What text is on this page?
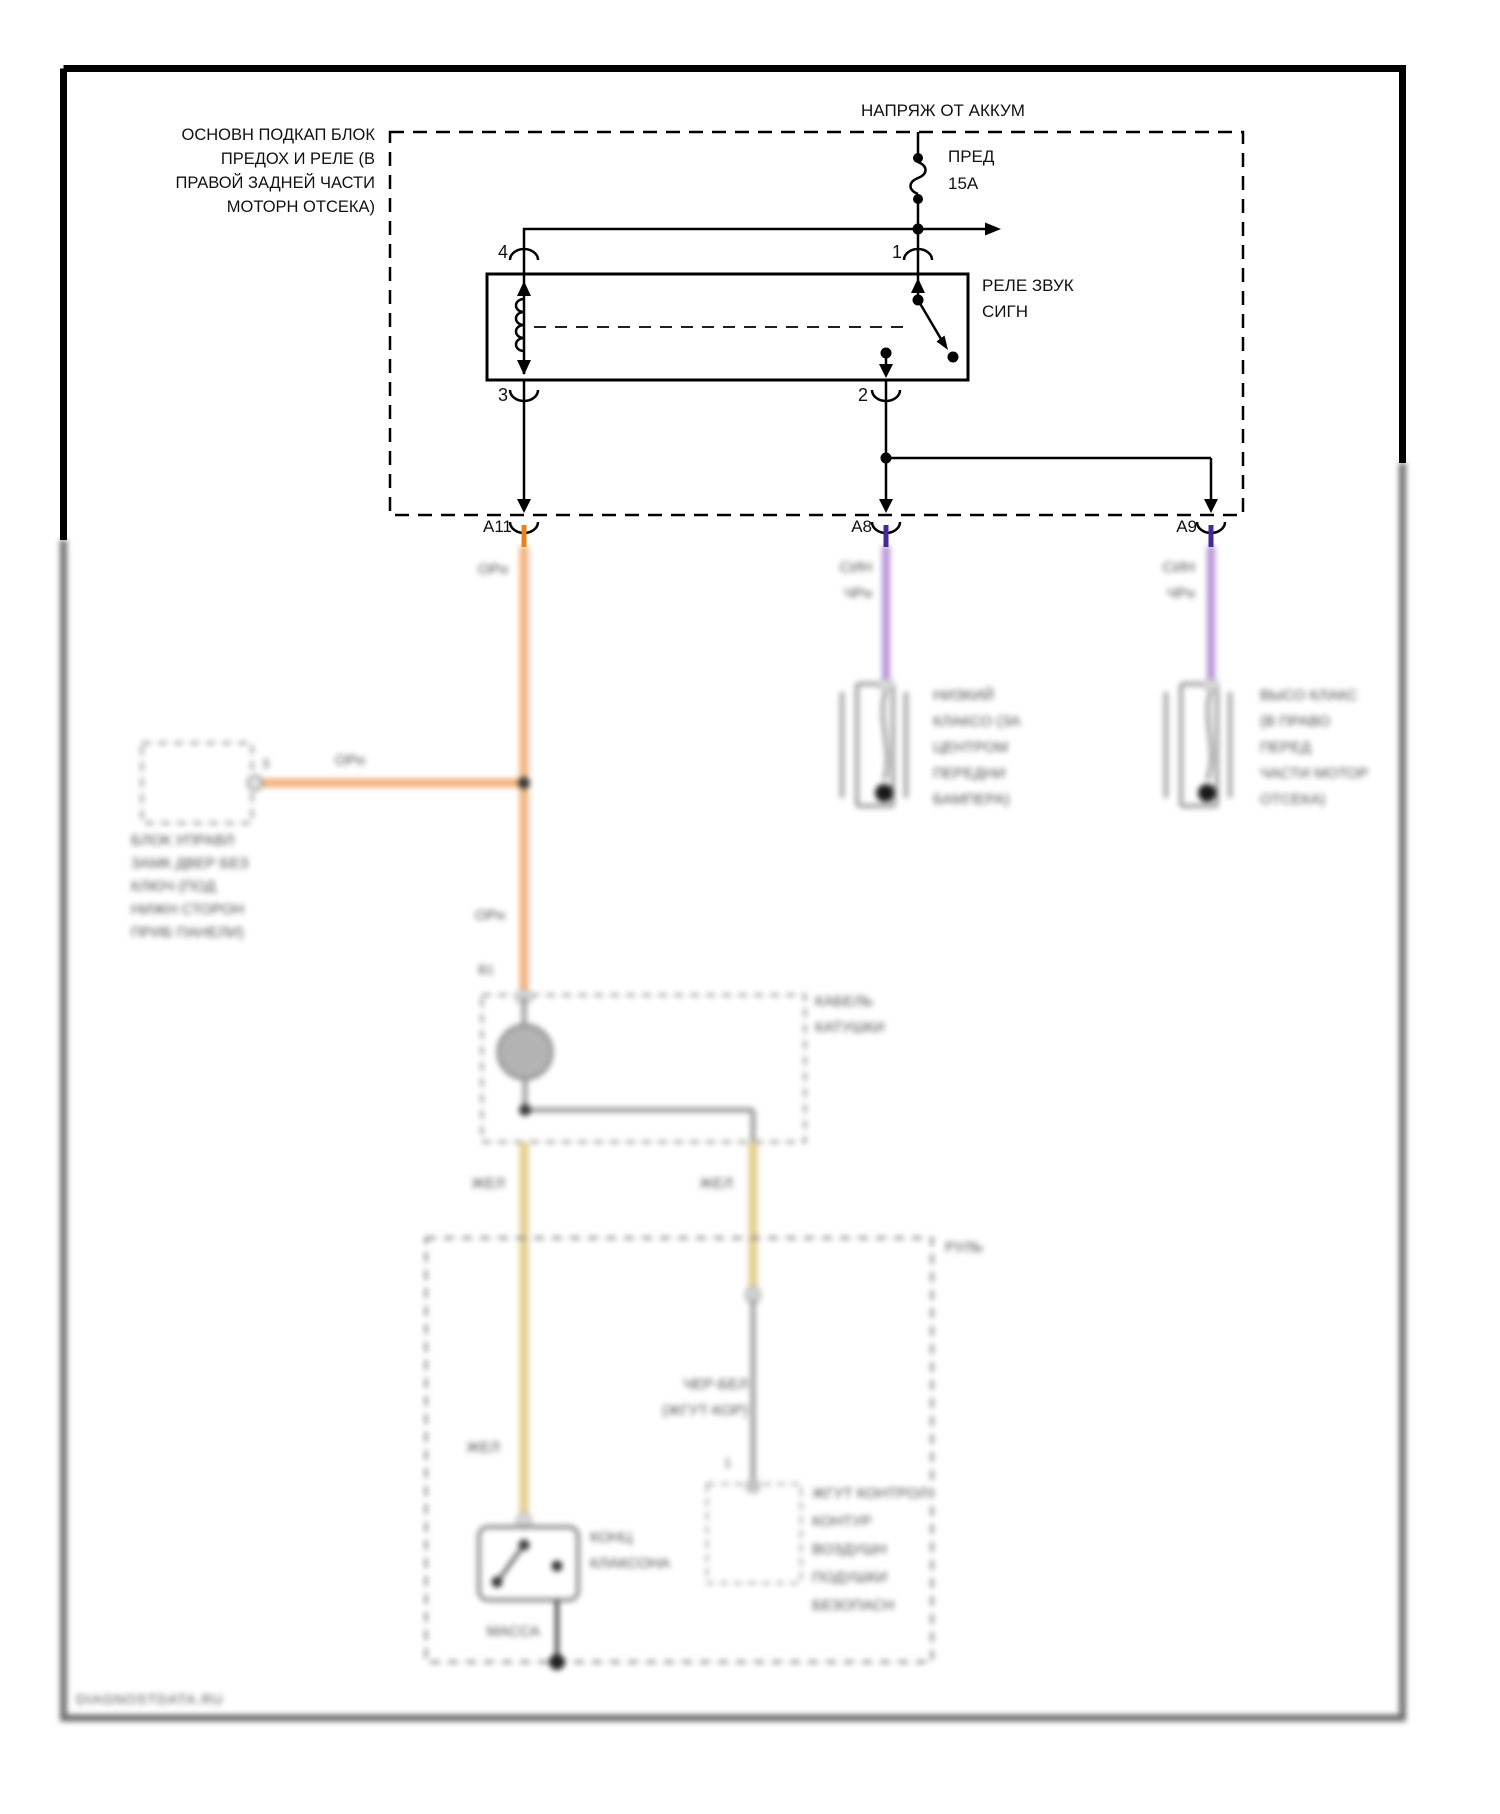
ОРн	СИН
ЧРн
СИН
ЧРн
3	ОРн
БЛОК УПРАВЛ
ЗАМК ДВЕР БЕЗ
КЛЮЧ (ПОД
НИЖН СТОРОН
ПРИБ ПАНЕЛИ)
ОРн
В1
КАБЕЛЬ
КАТУШКИ
НИЗКИЙ
КЛАКСО (ЗА
ЦЕНТРОМ
ПЕРЕДНИ
БАМПЕРА)
ВЫСО КЛАКС
(В ПРАВО
ПЕРЕД
ЧАСТИ МОТОР
ОТСЕКА)
ЖЕЛ	ЖЕЛ
ЖЕЛ
ЧЕР-БЕЛ
(ЖГУТ-КОР)
РУЛЬ
КОНЦ
КЛАКСОНА
1
ЖГУТ КОНТРОЛ
КОНТУР
ВОЗДУШН
ПОДУШКИ
БЕЗОПАСН
МАССА
DIAGNOSTDATA.RU
НАПРЯЖ ОТ АККУМ
ОСНОВН ПОДКАП БЛОК
ПРЕДОХ И РЕЛЕ (В
ПРАВОЙ ЗАДНЕЙ ЧАСТИ
МОТОРН ОТСЕКА)
ПРЕД
15А
РЕЛЕ ЗВУК
СИГН
4	1
3	2
A11	A8	A9
